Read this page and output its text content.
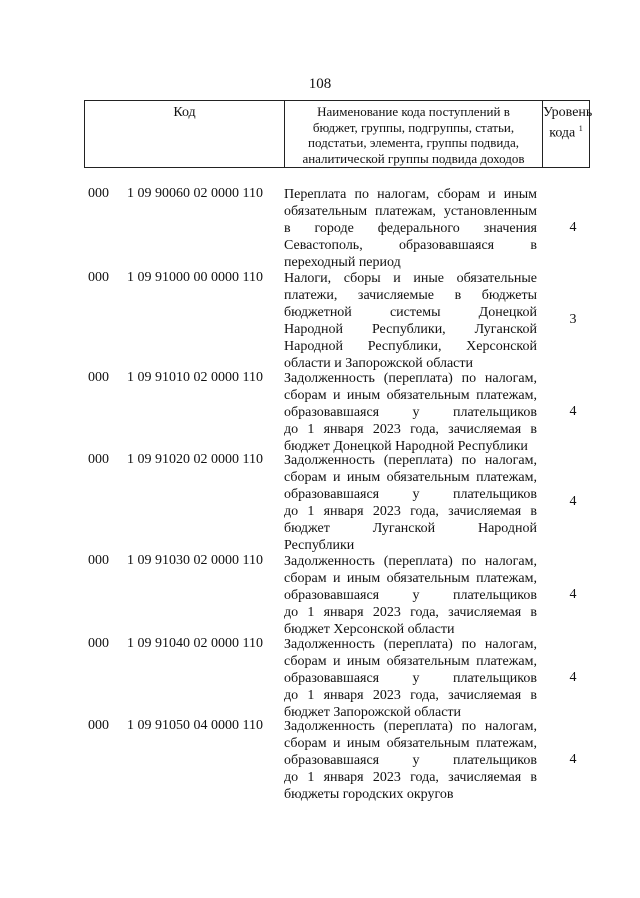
108
Код	Наименование кода поступлений в
бюджет, группы, подгруппы, статьи,
подстатьи, элемента, группы подвида,
аналитической группы подвида доходов
Уровень
кода $^1$
000 1 09 90060 02 0000 110 Переплата по налогам, сборам и иным
обязательным платежам, установленным
в городе федерального значения
Севастополь, образовавшаяся в
переходный период
4
000 1 09 91000 00 0000 110 Налоги, сборы и иные обязательные
платежи, зачисляемые в бюджеты
бюджетной системы Донецкой
Народной Республики, Луганской
Народной Республики, Херсонской
области и Запорожской области
3
000 1 09 91010 02 0000 110 Задолженность (переплата) по налогам,
сборам и иным обязательным платежам,
образовавшаяся у плательщиков
до 1 января 2023 года, зачисляемая в
бюджет Донецкой Народной Республики
4
000 1 09 91020 02 0000 110 Задолженность (переплата) по налогам,
сборам и иным обязательным платежам,
образовавшаяся у плательщиков
до 1 января 2023 года, зачисляемая в
бюджет Луганской Народной
Республики
4
000 1 09 91030 02 0000 110 Задолженность (переплата) по налогам,
сборам и иным обязательным платежам,
образовавшаяся у плательщиков
до 1 января 2023 года, зачисляемая в
бюджет Херсонской области
4
000 1 09 91040 02 0000 110 Задолженность (переплата) по налогам,
сборам и иным обязательным платежам,
образовавшаяся у плательщиков
до 1 января 2023 года, зачисляемая в
бюджет Запорожской области
4
000 1 09 91050 04 0000 110 Задолженность (переплата) по налогам,
сборам и иным обязательным платежам,
образовавшаяся у плательщиков
до 1 января 2023 года, зачисляемая в
бюджеты городских округов
4
